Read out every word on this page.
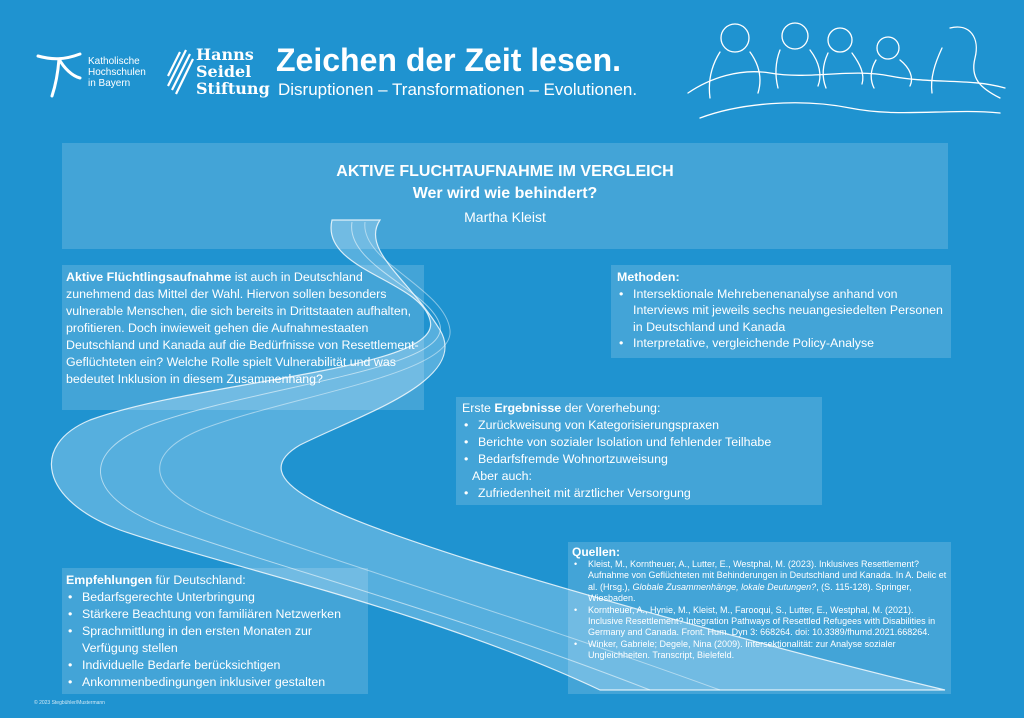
Katholische
Hochschulen
in Bayern
Hanns
Seidel
Stiftung
Zeichen der Zeit lesen.
Disruptionen – Transformationen – Evolutionen.
AKTIVE FLUCHTAUFNAHME IM VERGLEICH
Wer wird wie behindert?
Martha Kleist

Aktive Flüchtlingsaufnahme ist auch in Deutschland zunehmend das Mittel der Wahl. Hiervon sollen besonders vulnerable Menschen, die sich bereits in Drittstaaten aufhalten, profitieren. Doch inwieweit gehen die Aufnahmestaaten Deutschland und Kanada auf die Bedürfnisse von Resettlement-Geflüchteten ein? Welche Rolle spielt Vulnerabilität und was bedeutet Inklusion in diesem Zusammenhang?

Methoden:
• Intersektionale Mehrebenenanalyse anhand von Interviews mit jeweils sechs neuangesiedelten Personen in Deutschland und Kanada
• Interpretative, vergleichende Policy-Analyse
Erste Ergebnisse der Vorerhebung:
• Zurückweisung von Kategorisierungspraxen
• Berichte von sozialer Isolation und fehlender Teilhabe
• Bedarfsfremde Wohnortzuweisung
Aber auch:
• Zufriedenheit mit ärztlicher Versorgung
Empfehlungen für Deutschland:
• Bedarfsgerechte Unterbringung
• Stärkere Beachtung von familiären Netzwerken
• Sprachmittlung in den ersten Monaten zur Verfügung stellen
• Individuelle Bedarfe berücksichtigen
• Ankommenbedingungen inklusiver gestalten
Quellen:
• Kleist, M., Korntheuer, A., Lutter, E., Westphal, M. (2023). Inklusives Resettlement? Aufnahme von Geflüchteten mit Behinderungen in Deutschland und Kanada. In A. Delic et al. (Hrsg.), Globale Zusammenhänge, lokale Deutungen?, (S. 115-128). Springer, Wiesbaden.
• Korntheuer, A., Hynie, M., Kleist, M., Farooqui, S., Lutter, E., Westphal, M. (2021). Inclusive Resettlement? Integration Pathways of Resettled Refugees with Disabilities in Germany and Canada. Front. Hum. Dyn 3: 668264. doi: 10.3389/fhumd.2021.668264.
• Winker, Gabriele; Degele, Nina (2009). Intersektionalität: zur Analyse sozialer Ungleichheiten. Transcript, Bielefeld.
© 2023 Stegbühler/Mustermann
